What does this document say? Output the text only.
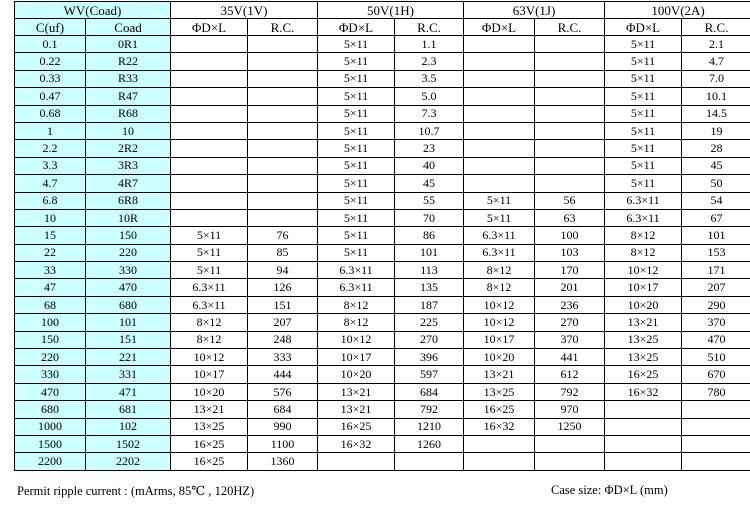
WV(Coad)		35V(1V)		50V(1H)		63V(1J)		100V(2A)	
C(uf)	Coad	ΦD×L	R.C.	ΦD×L	R.C.	ΦD×L	R.C.	ΦD×L	R.C.
0.1	0R1			5×11	1.1			5×11	2.1
0.22	R22			5×11	2.3			5×11	4.7
0.33	R33			5×11	3.5			5×11	7.0
0.47	R47			5×11	5.0			5×11	10.1
0.68	R68			5×11	7.3			5×11	14.5
1	10			5×11	10.7			5×11	19
2.2	2R2			5×11	23			5×11	28
3.3	3R3			5×11	40			5×11	45
4.7	4R7			5×11	45			5×11	50
6.8	6R8			5×11	55	5×11	56	6.3×11	54
10	10R			5×11	70	5×11	63	6.3×11	67
15	150	5×11	76	5×11	86	6.3×11	100	8×12	101
22	220	5×11	85	5×11	101	6.3×11	103	8×12	153
33	330	5×11	94	6.3×11	113	8×12	170	10×12	171
47	470	6.3×11	126	6.3×11	135	8×12	201	10×17	207
68	680	6.3×11	151	8×12	187	10×12	236	10×20	290
100	101	8×12	207	8×12	225	10×12	270	13×21	370
150	151	8×12	248	10×12	270	10×17	370	13×25	470
220	221	10×12	333	10×17	396	10×20	441	13×25	510
330	331	10×17	444	10×20	597	13×21	612	16×25	670
470	471	10×20	576	13×21	684	13×25	792	16×32	780
680	681	13×21	684	13×21	792	16×25	970		
1000	102	13×25	990	16×25	1210	16×32	1250		
1500	1502	16×25	1100	16×32	1260				
2200	2202	16×25	1360						
Permit ripple current : (mArms, 85℃ , 120HZ)	Case size: ΦD×L (mm)
